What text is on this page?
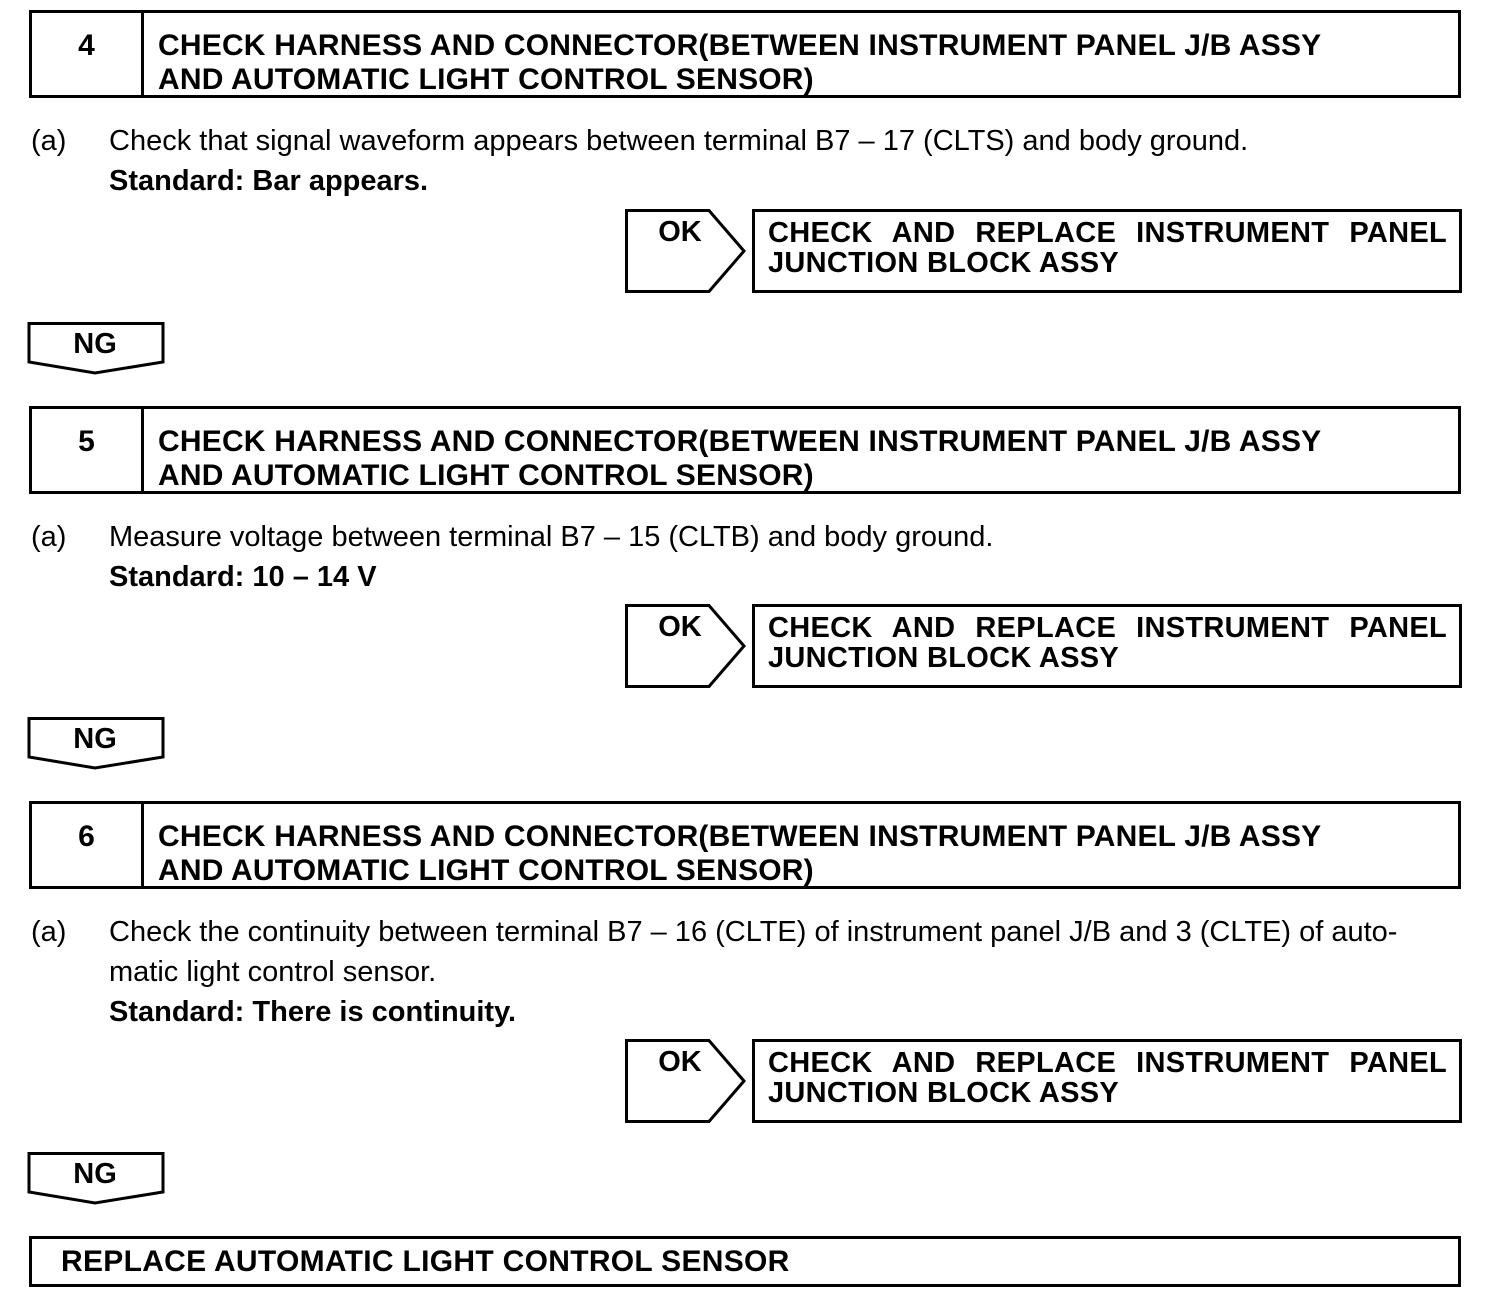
4	CHECK HARNESS AND CONNECTOR(BETWEEN INSTRUMENT PANEL J/B ASSY
AND AUTOMATIC LIGHT CONTROL SENSOR)
(a) Check that signal waveform appears between terminal B7 – 17 (CLTS) and body ground.
Standard: Bar appears.
OK	CHECK AND REPLACE INSTRUMENT PANEL
JUNCTION BLOCK ASSY
NG
5	CHECK HARNESS AND CONNECTOR(BETWEEN INSTRUMENT PANEL J/B ASSY
AND AUTOMATIC LIGHT CONTROL SENSOR)
(a) Measure voltage between terminal B7 – 15 (CLTB) and body ground.
Standard: 10 – 14 V
OK	CHECK AND REPLACE INSTRUMENT PANEL
JUNCTION BLOCK ASSY
NG
6	CHECK HARNESS AND CONNECTOR(BETWEEN INSTRUMENT PANEL J/B ASSY
AND AUTOMATIC LIGHT CONTROL SENSOR)
(a) Check the continuity between terminal B7 – 16 (CLTE) of instrument panel J/B and 3 (CLTE) of auto-
matic light control sensor.
Standard: There is continuity.
OK	CHECK AND REPLACE INSTRUMENT PANEL
JUNCTION BLOCK ASSY
NG
REPLACE AUTOMATIC LIGHT CONTROL SENSOR
